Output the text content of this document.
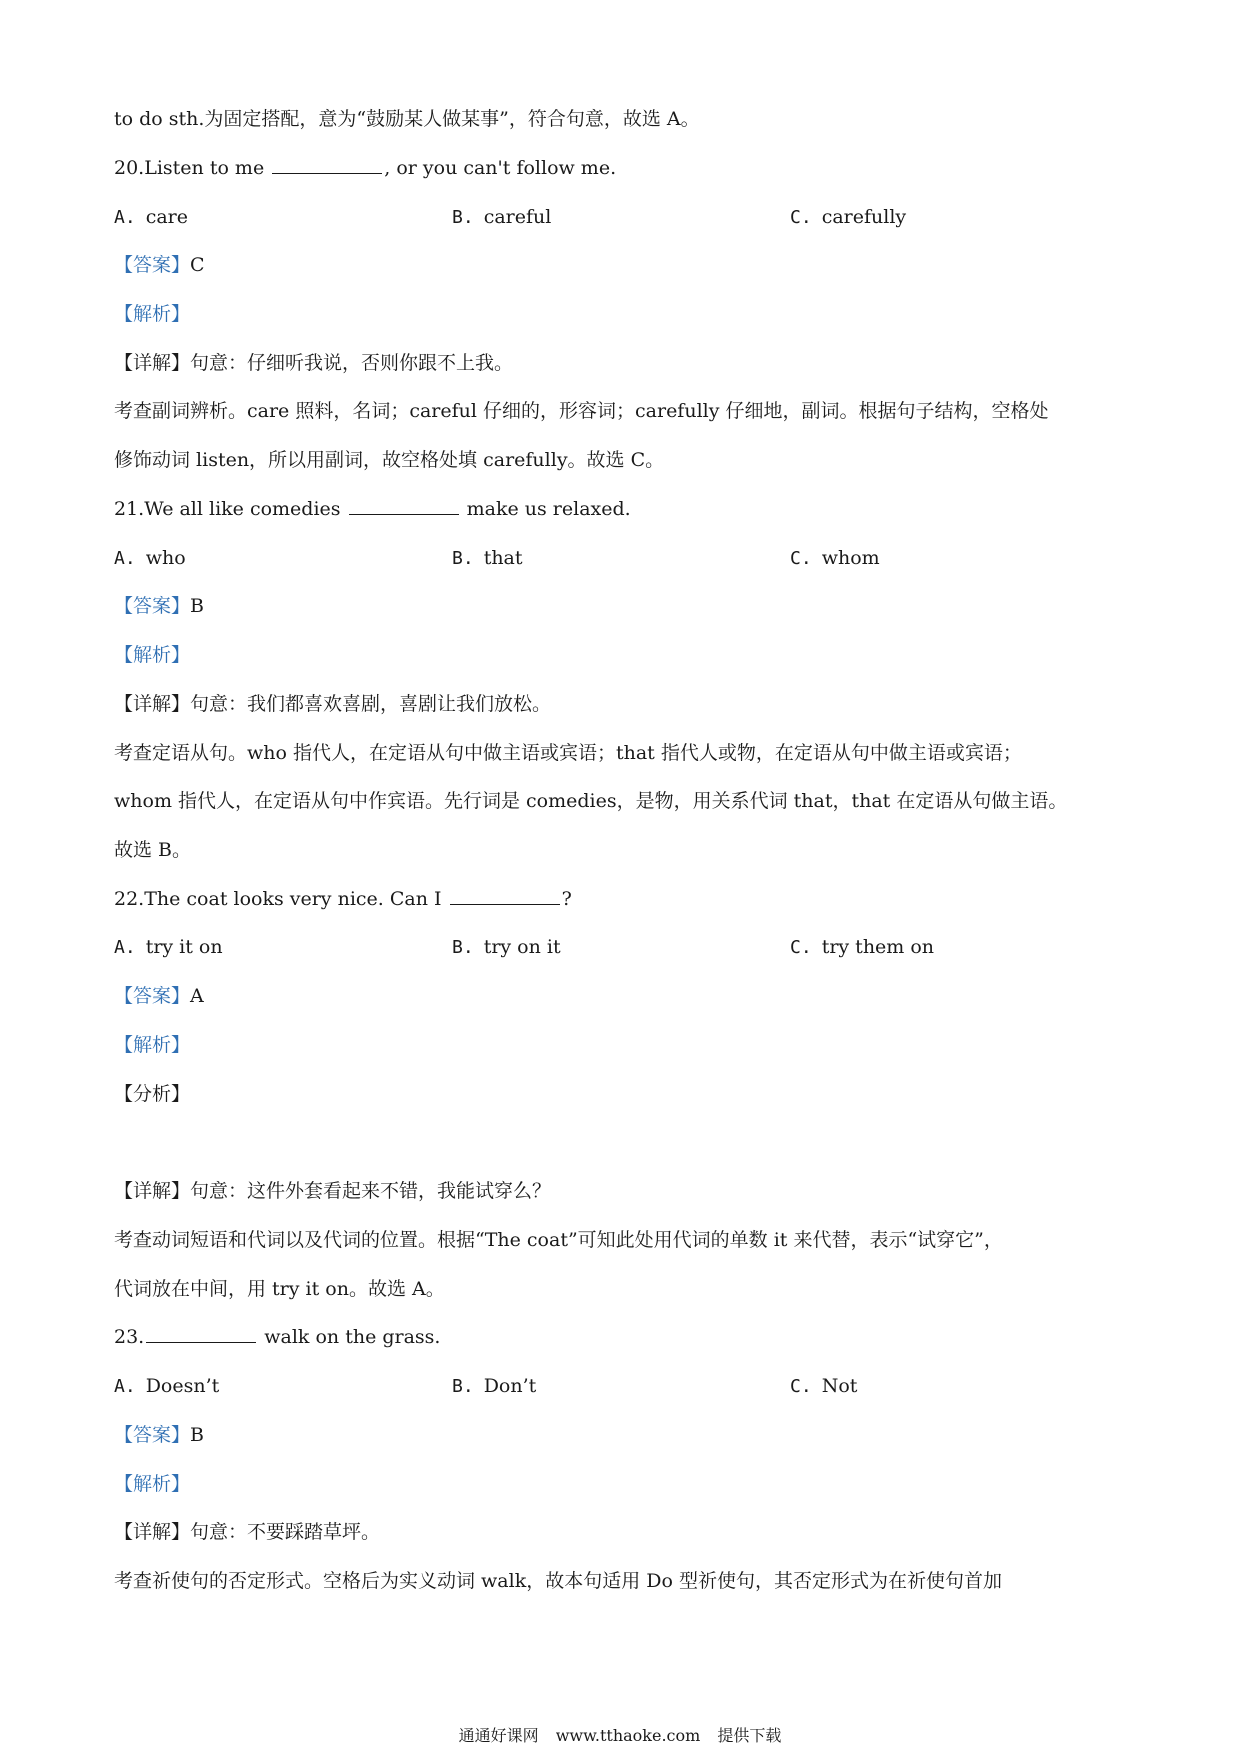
to do sth.为固定搭配，意为“鼓励某人做某事”，符合句意，故选 A。
20.Listen to me	, or you can't follow me.
A. care	B. careful	C. carefully
【答案】C
【解析】
【详解】句意：仔细听我说，否则你跟不上我。
考查副词辨析。care 照料，名词；careful 仔细的，形容词；carefully 仔细地，副词。根据句子结构，空格处
修饰动词 listen，所以用副词，故空格处填 carefully。故选 C。
21.We all like comedies	make us relaxed.
A. who	B. that	C. whom
【答案】B
【解析】
【详解】句意：我们都喜欢喜剧，喜剧让我们放松。
考查定语从句。who 指代人，在定语从句中做主语或宾语；that 指代人或物，在定语从句中做主语或宾语；
whom 指代人，在定语从句中作宾语。先行词是 comedies，是物，用关系代词 that，that 在定语从句做主语。
故选 B。
22.The coat looks very nice. Can I	?
A. try it on	B. try on it	C. try them on
【答案】A
【解析】
【分析】
【详解】句意：这件外套看起来不错，我能试穿么？
考查动词短语和代词以及代词的位置。根据“The coat”可知此处用代词的单数 it 来代替，表示“试穿它”，
代词放在中间，用 try it on。故选 A。
23.	walk on the grass.
A. Doesn’t	B. Don’t	C. Not
【答案】B
【解析】
【详解】句意：不要踩踏草坪。
考查祈使句的否定形式。空格后为实义动词 walk，故本句适用 Do 型祈使句，其否定形式为在祈使句首加
通通好课网 www.tthaoke.com 提供下载
